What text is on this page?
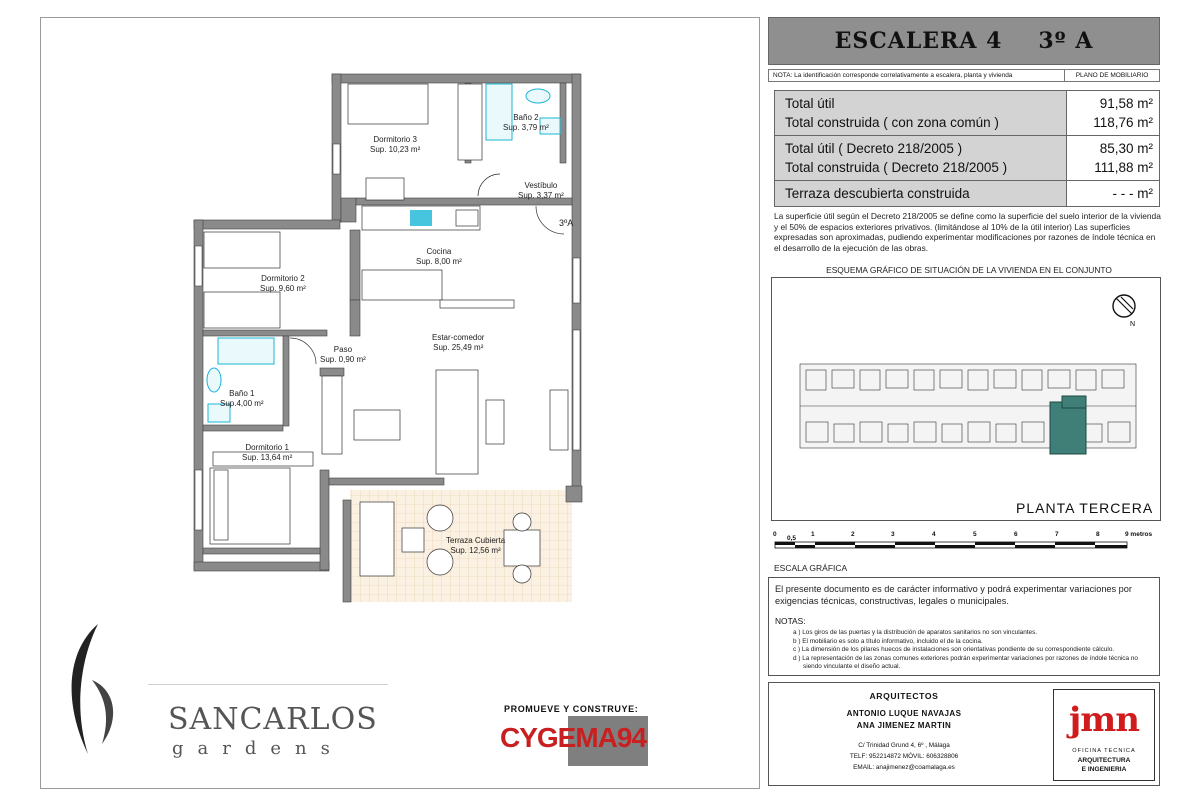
Dormitorio 3
Sup. 10,23 m²
Baño 2
Sup. 3,79 m²
Vestíbulo
Sup. 3,37 m²
3ºA
Cocina
Sup. 8,00 m²
Dormitorio 2
Sup. 9,60 m²
Paso
Sup. 0,90 m²
Estar-comedor
Sup. 25,49 m²
Baño 1
Sup.4,00 m²
Dormitorio 1
Sup. 13,64 m²
Terraza Cubierta
Sup. 12,56 m²
SANCARLOS
gardens
PROMUEVE Y CONSTRUYE:
CYGEMA94
ESCALERA 4 3º A
NOTA: La identificación corresponde correlativamente a escalera, planta y vivienda	PLANO DE MOBILIARIO
Total útil	91,58 m²
Total construida ( con zona común )	118,76 m²
Total útil ( Decreto 218/2005 )	85,30 m²
Total construida ( Decreto 218/2005 )	111,88 m²
Terraza descubierta construida	- - - m²
La superficie útil según el Decreto 218/2005 se define como la superficie del suelo interior de la vivienda y el 50% de espacios exteriores privativos. (limitándose al 10% de la útil interior) Las superficies expresadas son aproximadas, pudiendo experimentar modificaciones por razones de índole técnica en el desarrollo de la ejecución de las obras.
ESQUEMA GRÁFICO DE SITUACIÓN DE LA VIVIENDA EN EL CONJUNTO
N
PLANTA TERCERA
0
0,5
1	2	3	4	5	6	7	8	9 metros
ESCALA GRÁFICA
El presente documento es de carácter informativo y podrá experimentar variaciones por exigencias técnicas, constructivas, legales o municipales.
NOTAS:
a ) Los giros de las puertas y la distribución de aparatos sanitarios no son vinculantes.
b ) El mobiliario es solo a título informativo, incluido el de la cocina.
c ) La dimensión de los pilares huecos de instalaciones son orientativas pondiente de su correspondiente cálculo.
d ) La representación de las zonas comunes exteriores podrán experimentar variaciones por razones de índole técnica no siendo vinculante el diseño actual.
ARQUITECTOS
ANTONIO LUQUE NAVAJAS
ANA JIMENEZ MARTIN
C/ Trinidad Grund 4, 6º , Málaga
TELF: 952214872 MÓVIL: 606328806
EMAIL: anajimenez@coamalaga.es
jmn
OFICINA TECNICA
ARQUITECTURA
E INGENIERIA
